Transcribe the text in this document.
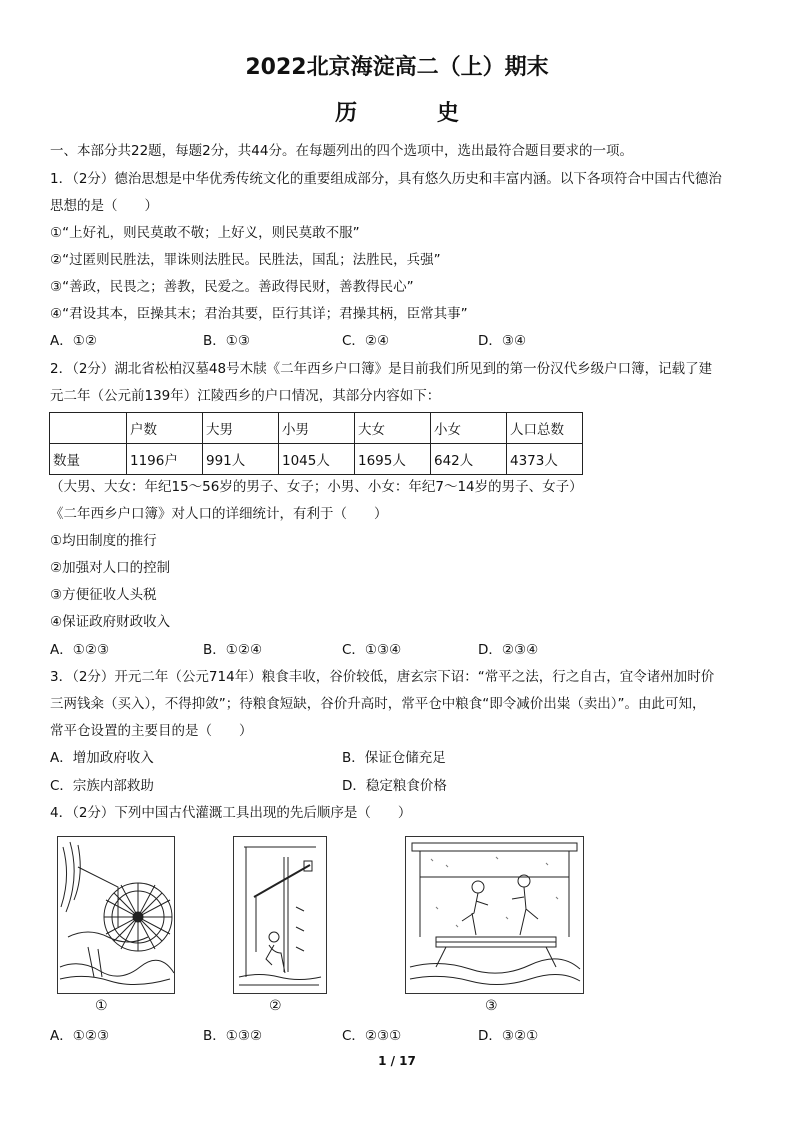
2022北京海淀高二（上）期末
历 史
一、本部分共22题，每题2分，共44分。在每题列出的四个选项中，选出最符合题目要求的一项。
1．（2分）德治思想是中华优秀传统文化的重要组成部分，具有悠久历史和丰富内涵。以下各项符合中国古代德治
思想的是（　　）
①“上好礼，则民莫敢不敬；上好义，则民莫敢不服”
②“过匿则民胜法，罪诛则法胜民。民胜法，国乱；法胜民，兵强”
③“善政，民畏之；善教，民爱之。善政得民财，善教得民心”
④“君设其本，臣操其末；君治其要，臣行其详；君操其柄，臣常其事”
A．①②	B．①③	C．②④	D．③④
2．（2分）湖北省松柏汉墓48号木牍《二年西乡户口簿》是目前我们所见到的第一份汉代乡级户口簿，记载了建
元二年（公元前139年）江陵西乡的户口情况，其部分内容如下：
	户数	大男	小男	大女	小女	人口总数
数量	1196户	991人	1045人	1695人	642人	4373人
（大男、大女：年纪15～56岁的男子、女子；小男、小女：年纪7～14岁的男子、女子）
《二年西乡户口簿》对人口的详细统计，有利于（　　）
①均田制度的推行
②加强对人口的控制
③方便征收人头税
④保证政府财政收入
A．①②③	B．①②④	C．①③④	D．②③④
3．（2分）开元二年（公元714年）粮食丰收，谷价较低，唐玄宗下诏：“常平之法，行之自古，宜令诸州加时价
三两钱籴（买入），不得抑敛”；待粮食短缺，谷价升高时，常平仓中粮食“即令减价出粜（卖出）”。由此可知，
常平仓设置的主要目的是（　　）
A．增加政府收入	B．保证仓储充足
C．宗族内部救助	D．稳定粮食价格
4．（2分）下列中国古代灌溉工具出现的先后顺序是（　　）
①	②	③
A．①②③	B．①③②	C．②③①	D．③②①
1 / 17
